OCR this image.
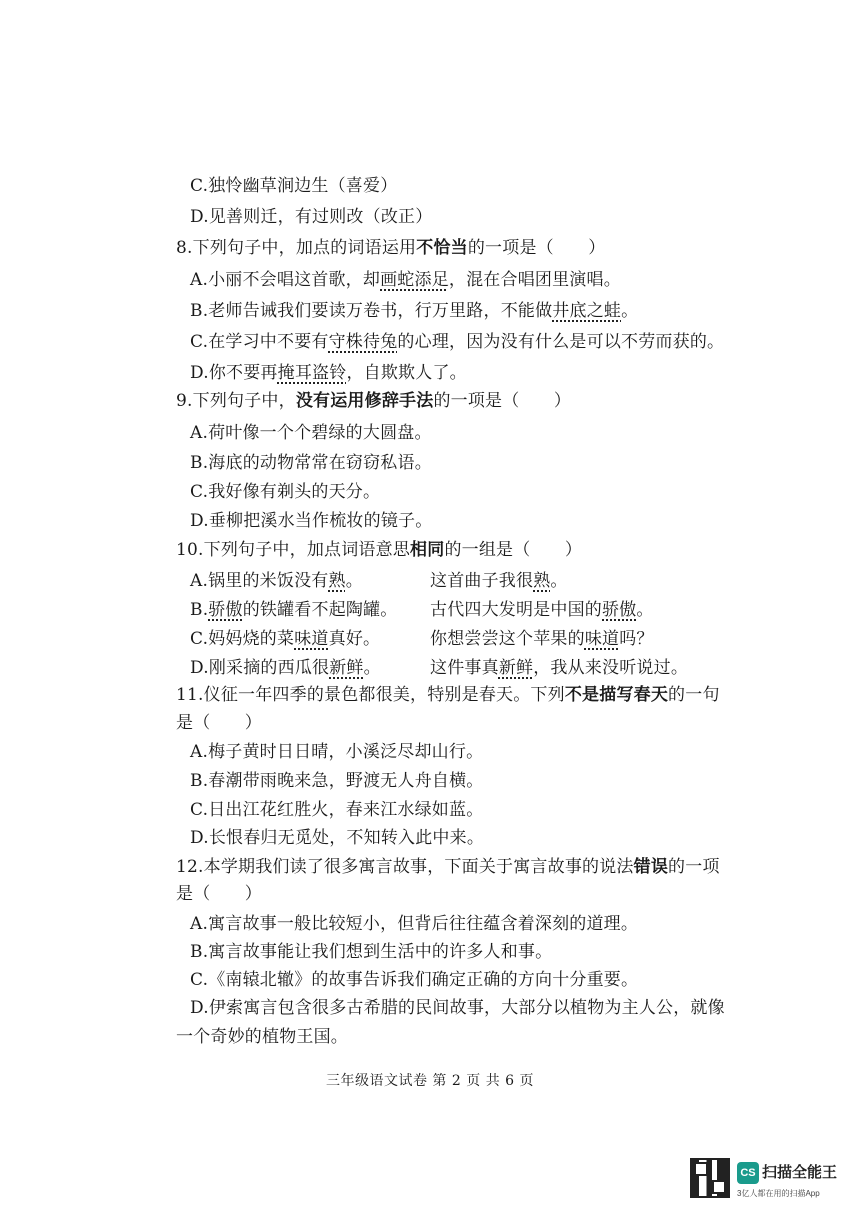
C.独怜幽草涧边生（喜爱）
D.见善则迁，有过则改（改正）
8.下列句子中，加点的词语运用不恰当的一项是（　　）
A.小丽不会唱这首歌，却画蛇添足，混在合唱团里演唱。
B.老师告诫我们要读万卷书，行万里路，不能做井底之蛙。
C.在学习中不要有守株待兔的心理，因为没有什么是可以不劳而获的。
D.你不要再掩耳盗铃，自欺欺人了。
9.下列句子中，没有运用修辞手法的一项是（　　）
A.荷叶像一个个碧绿的大圆盘。
B.海底的动物常常在窃窃私语。
C.我好像有剃头的天分。
D.垂柳把溪水当作梳妆的镜子。
10.下列句子中，加点词语意思相同的一组是（　　）
A.锅里的米饭没有熟。	这首曲子我很熟。
B.骄傲的铁罐看不起陶罐。 古代四大发明是中国的骄傲。
C.妈妈烧的菜味道真好。	你想尝尝这个苹果的味道吗？
D.刚采摘的西瓜很新鲜。	这件事真新鲜，我从来没听说过。
11.仪征一年四季的景色都很美，特别是春天。下列不是描写春天的一句
是（　　）
A.梅子黄时日日晴，小溪泛尽却山行。
B.春潮带雨晚来急，野渡无人舟自横。
C.日出江花红胜火，春来江水绿如蓝。
D.长恨春归无觅处，不知转入此中来。
12.本学期我们读了很多寓言故事，下面关于寓言故事的说法错误的一项
是（　　）
A.寓言故事一般比较短小，但背后往往蕴含着深刻的道理。
B.寓言故事能让我们想到生活中的许多人和事。
C.《南辕北辙》的故事告诉我们确定正确的方向十分重要。
D.伊索寓言包含很多古希腊的民间故事，大部分以植物为主人公，就像
一个奇妙的植物王国。
三年级语文试卷 第 2 页 共 6 页
CS 扫描全能王
3亿人都在用的扫描App
